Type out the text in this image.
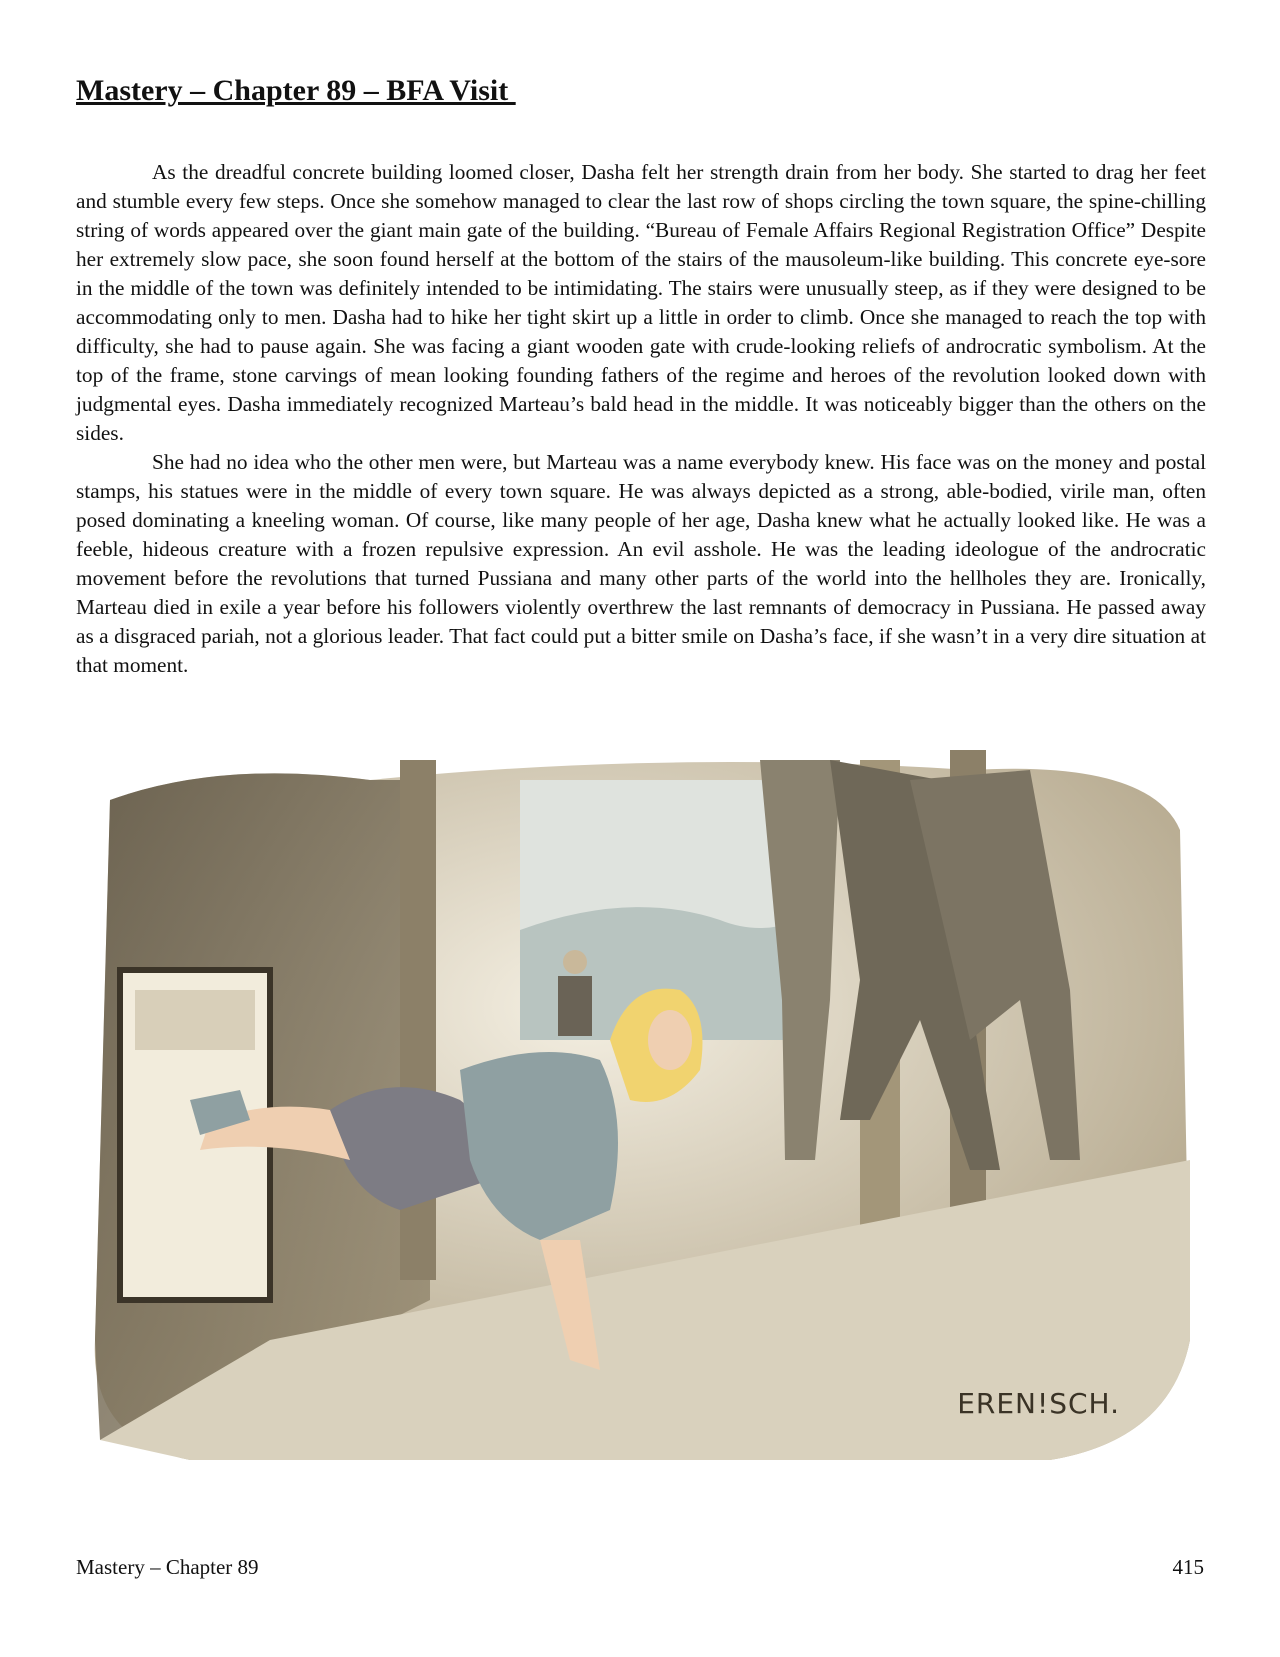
Mastery – Chapter 89 – BFA Visit

As the dreadful concrete building loomed closer, Dasha felt her strength drain from her body. She started to drag her feet and stumble every few steps. Once she somehow managed to clear the last row of shops circling the town square, the spine-chilling string of words appeared over the giant main gate of the building. “Bureau of Female Affairs Regional Registration Office” Despite her extremely slow pace, she soon found herself at the bottom of the stairs of the mausoleum-like building. This concrete eye-sore in the middle of the town was definitely intended to be intimidating. The stairs were unusually steep, as if they were designed to be accommodating only to men. Dasha had to hike her tight skirt up a little in order to climb. Once she managed to reach the top with difficulty, she had to pause again. She was facing a giant wooden gate with crude-looking reliefs of androcratic symbolism. At the top of the frame, stone carvings of mean looking founding fathers of the regime and heroes of the revolution looked down with judgmental eyes. Dasha immediately recognized Marteau’s bald head in the middle. It was noticeably bigger than the others on the sides.

She had no idea who the other men were, but Marteau was a name everybody knew. His face was on the money and postal stamps, his statues were in the middle of every town square. He was always depicted as a strong, able-bodied, virile man, often posed dominating a kneeling woman. Of course, like many people of her age, Dasha knew what he actually looked like. He was a feeble, hideous creature with a frozen repulsive expression. An evil asshole. He was the leading ideologue of the androcratic movement before the revolutions that turned Pussiana and many other parts of the world into the hellholes they are. Ironically, Marteau died in exile a year before his followers violently overthrew the last remnants of democracy in Pussiana. He passed away as a disgraced pariah, not a glorious leader. That fact could put a bitter smile on Dasha’s face, if she wasn’t in a very dire situation at that moment.

EREN!SCH.
Mastery – Chapter 89	415
